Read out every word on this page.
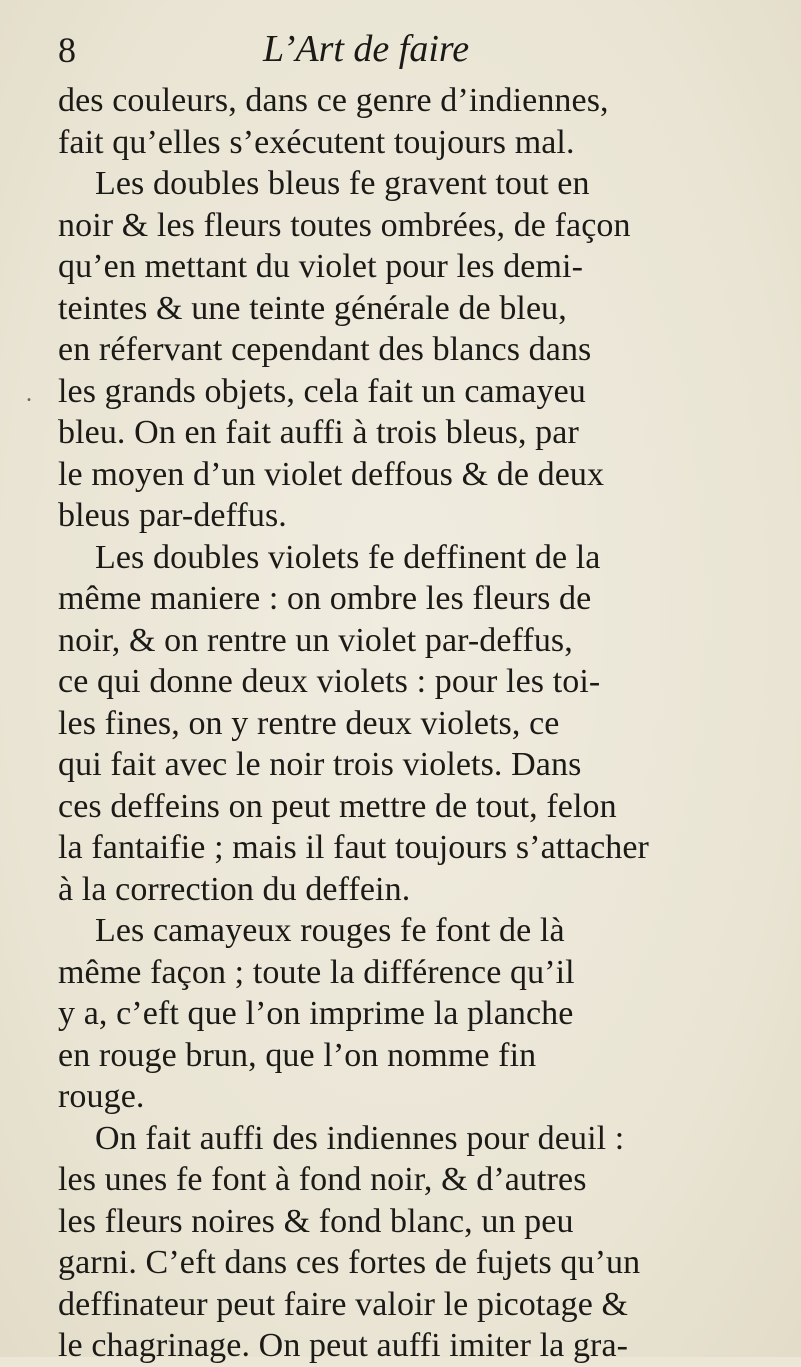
8	L’Art de faire
.
des couleurs, dans ce genre d’indiennes,
fait qu’elles s’exécutent toujours mal.
Les doubles bleus fe gravent tout en
noir & les fleurs toutes ombrées, de façon
qu’en mettant du violet pour les demi-
teintes & une teinte générale de bleu,
en réfervant cependant des blancs dans
les grands objets, cela fait un camayeu
bleu. On en fait auffi à trois bleus, par
le moyen d’un violet deffous & de deux
bleus par-deffus.
Les doubles violets fe deffinent de la
même maniere : on ombre les fleurs de
noir, & on rentre un violet par-deffus,
ce qui donne deux violets : pour les toi-
les fines, on y rentre deux violets, ce
qui fait avec le noir trois violets. Dans
ces deffeins on peut mettre de tout, felon
la fantaifie ; mais il faut toujours s’attacher
à la correction du deffein.
Les camayeux rouges fe font de là
même façon ; toute la différence qu’il
y a, c’eft que l’on imprime la planche
en rouge brun, que l’on nomme fin
rouge.
On fait auffi des indiennes pour deuil :
les unes fe font à fond noir, & d’autres
les fleurs noires & fond blanc, un peu
garni. C’eft dans ces fortes de fujets qu’un
deffinateur peut faire valoir le picotage &
le chagrinage. On peut auffi imiter la gra-
